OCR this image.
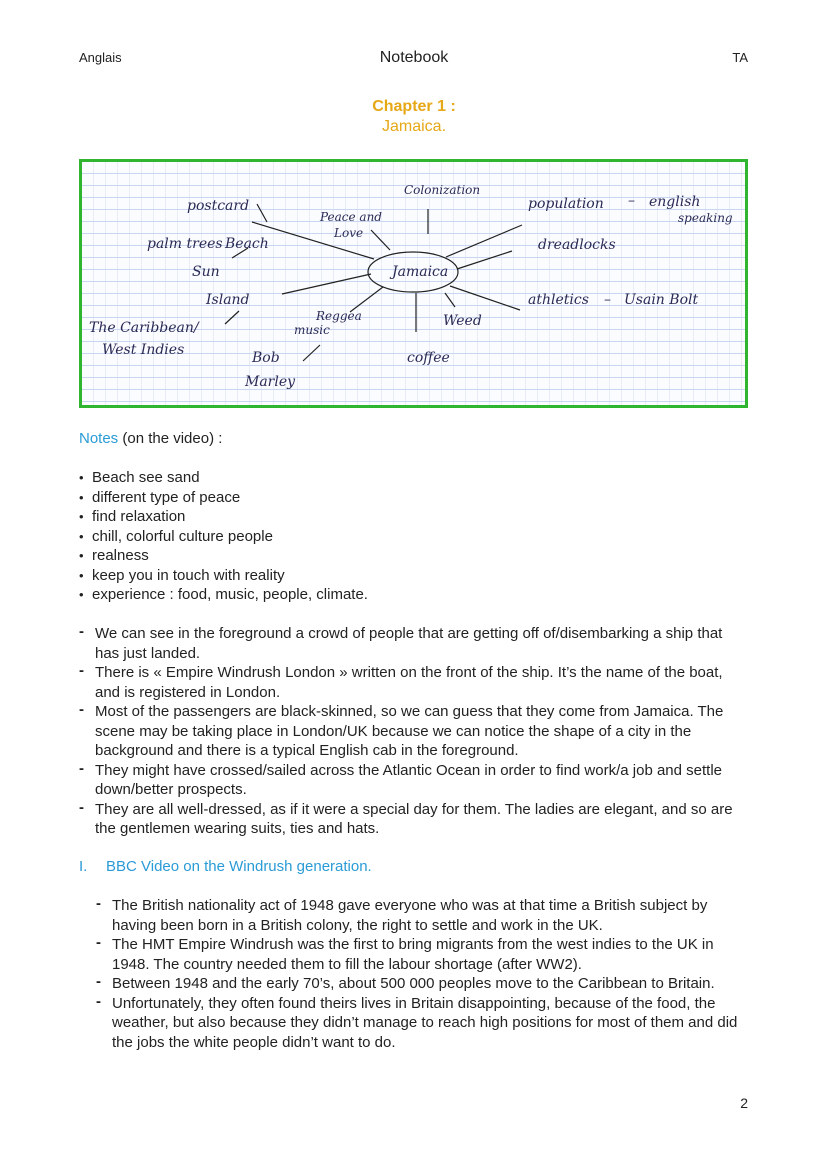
Anglais	Notebook	TA
Chapter 1 :
Jamaica.
Jamaica
postcard
palm trees Beach
Sun
Island
The Caribbean/
West Indies	Bob
Marley
Reggea
music
Peace and
Love
Colonization
population – english
speaking
dreadlocks
athletics – Usain Bolt
Weed
coffee
Notes (on the video) :
• Beach see sand
• different type of peace
• find relaxation
• chill, colorful culture people
• realness
• keep you in touch with reality
• experience : food, music, people, climate.
- We can see in the foreground a crowd of people that are getting off of/disembarking a ship that has just landed.
- There is « Empire Windrush London » written on the front of the ship. It’s the name of the boat, and is registered in London.
- Most of the passengers are black-skinned, so we can guess that they come from Jamaica. The scene may be taking place in London/UK because we can notice the shape of a city in the background and there is a typical English cab in the foreground.
- They might have crossed/sailed across the Atlantic Ocean in order to find work/a job and settle down/better prospects.
- They are all well-dressed, as if it were a special day for them. The ladies are elegant, and so are the gentlemen wearing suits, ties and hats.
I. BBC Video on the Windrush generation.
- The British nationality act of 1948 gave everyone who was at that time a British subject by having been born in a British colony, the right to settle and work in the UK.
- The HMT Empire Windrush was the first to bring migrants from the west indies to the UK in 1948. The country needed them to fill the labour shortage (after WW2).
- Between 1948 and the early 70’s, about 500 000 peoples move to the Caribbean to Britain.
- Unfortunately, they often found theirs lives in Britain disappointing, because of the food, the weather, but also because they didn’t manage to reach high positions for most of them and did the jobs the white people didn’t want to do.
2
